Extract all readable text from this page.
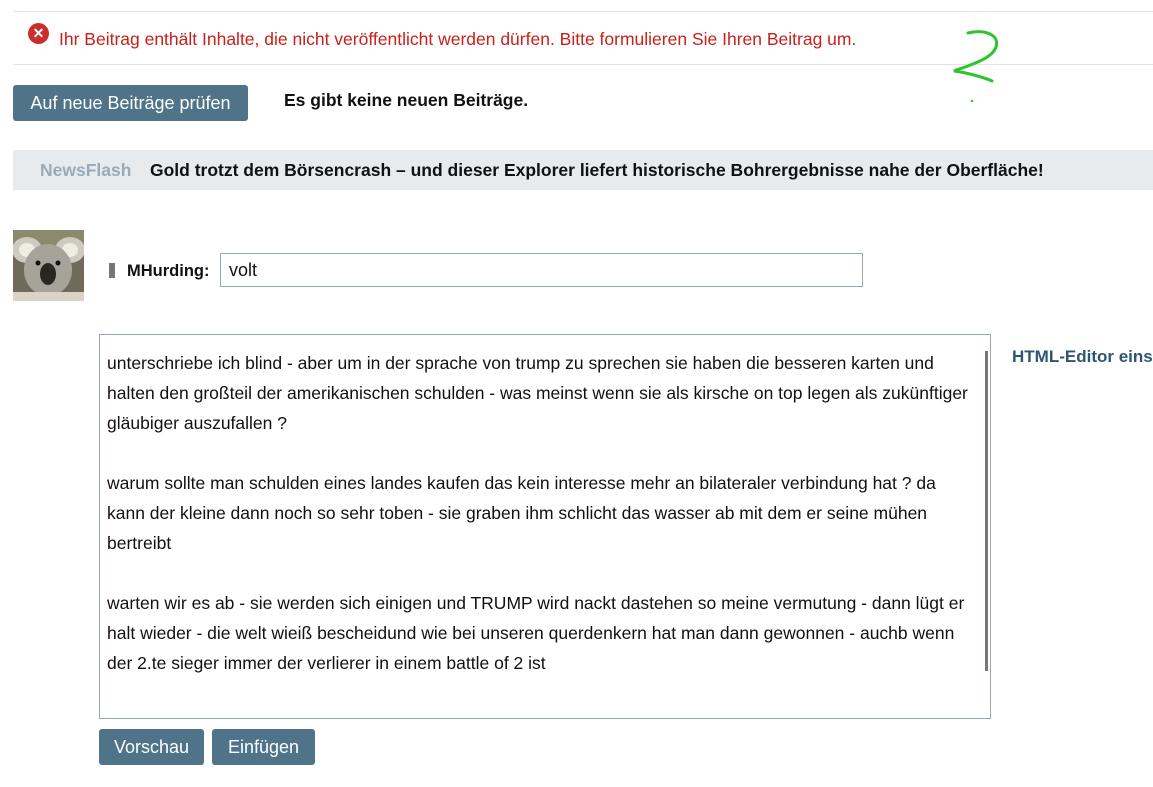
✕ Ihr Beitrag enthält Inhalte, die nicht veröffentlicht werden dürfen. Bitte formulieren Sie Ihren Beitrag um.
Auf neue Beiträge prüfen	Es gibt keine neuen Beiträge.
NewsFlash Gold trotzt dem Börsencrash – und dieser Explorer liefert historische Bohrergebnisse nahe der Oberfläche!
MHurding:	volt

unterschriebe ich blind - aber um in der sprache von trump zu sprechen sie haben die besseren karten und halten den großteil der amerikanischen schulden - was meinst wenn sie als kirsche on top legen als zukünftiger gläubiger auszufallen ?

warum sollte man schulden eines landes kaufen das kein interesse mehr an bilateraler verbindung hat ? da kann der kleine dann noch so sehr toben - sie graben ihm schlicht das wasser ab mit dem er seine mühen bertreibt

warten wir es ab - sie werden sich einigen und TRUMP wird nackt dastehen so meine vermutung - dann lügt er halt wieder - die welt wieiß bescheidund wie bei unseren querdenkern hat man dann gewonnen - auchb wenn der 2.te sieger immer der verlierer in einem battle of 2 ist

HTML-Editor eins
Vorschau	Einfügen
